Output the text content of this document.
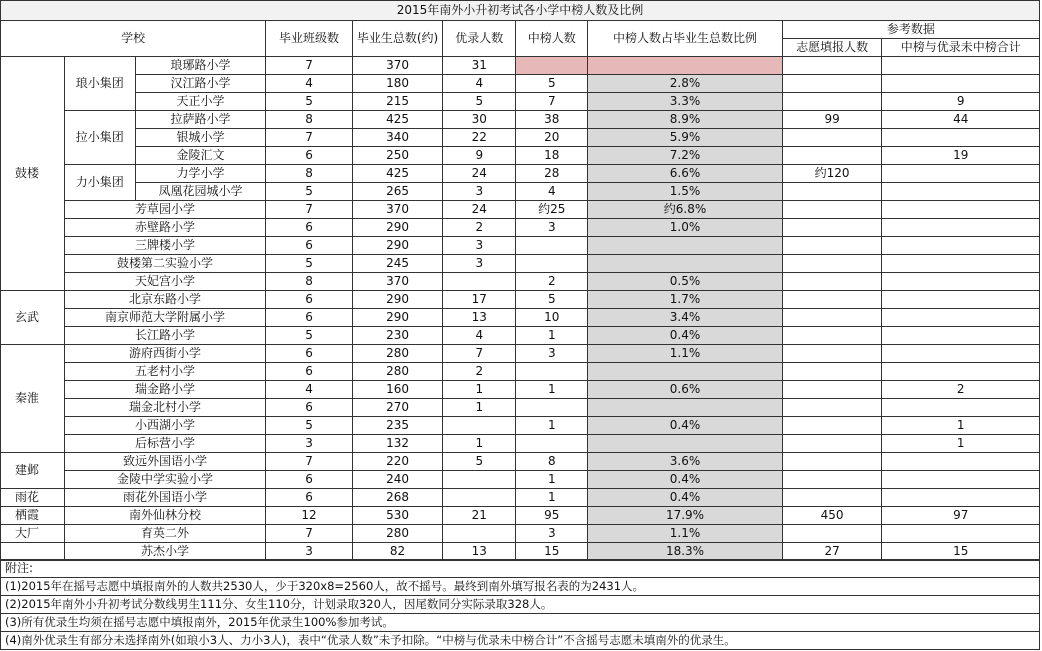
2015年南外小升初考试各小学中榜人数及比例									
学校			毕业班级数	毕业生总数(约)	优录人数	中榜人数	中榜人数占毕业生总数比例	参考数据	
								志愿填报人数	中榜与优录未中榜合计
鼓楼	琅小集团	琅琊路小学	7	370	31				
		汉江路小学	4	180	4	5	2.8%		
		天正小学	5	215	5	7	3.3%		9
	拉小集团	拉萨路小学	8	425	30	38	8.9%	99	44
		银城小学	7	340	22	20	5.9%		
		金陵汇文	6	250	9	18	7.2%		19
	力小集团	力学小学	8	425	24	28	6.6%	约120	
		凤凰花园城小学	5	265	3	4	1.5%		
	芳草园小学		7	370	24	约25	约6.8%		
	赤壁路小学		6	290	2	3	1.0%		
	三牌楼小学		6	290	3				
	鼓楼第二实验小学		5	245	3				
	天妃宫小学		8	370		2	0.5%		
玄武	北京东路小学		6	290	17	5	1.7%		
	南京师范大学附属小学		6	290	13	10	3.4%		
	长江路小学		5	230	4	1	0.4%		
秦淮	游府西街小学		6	280	7	3	1.1%		
	五老村小学		6	280	2				
	瑞金路小学		4	160	1	1	0.6%		2
	瑞金北村小学		6	270	1				
	小西湖小学		5	235		1	0.4%		1
	后标营小学		3	132	1				1
建邺	致远外国语小学		7	220	5	8	3.6%		
	金陵中学实验小学		6	240		1	0.4%		
雨花	雨花外国语小学		6	268		1	0.4%		
栖霞	南外仙林分校		12	530	21	95	17.9%	450	97
大厂	育英二外		7	280		3	1.1%		
	苏杰小学		3	82	13	15	18.3%	27	15
附注:
(1)2015年在摇号志愿中填报南外的人数共2530人，少于320x8=2560人，故不摇号。最终到南外填写报名表的为2431人。
(2)2015年南外小升初考试分数线男生111分、女生110分，计划录取320人，因尾数同分实际录取328人。
(3)所有优录生均须在摇号志愿中填报南外，2015年优录生100%参加考试。
(4)南外优录生有部分未选择南外(如琅小3人、力小3人)，表中“优录人数”未予扣除。“中榜与优录未中榜合计”不含摇号志愿未填南外的优录生。
